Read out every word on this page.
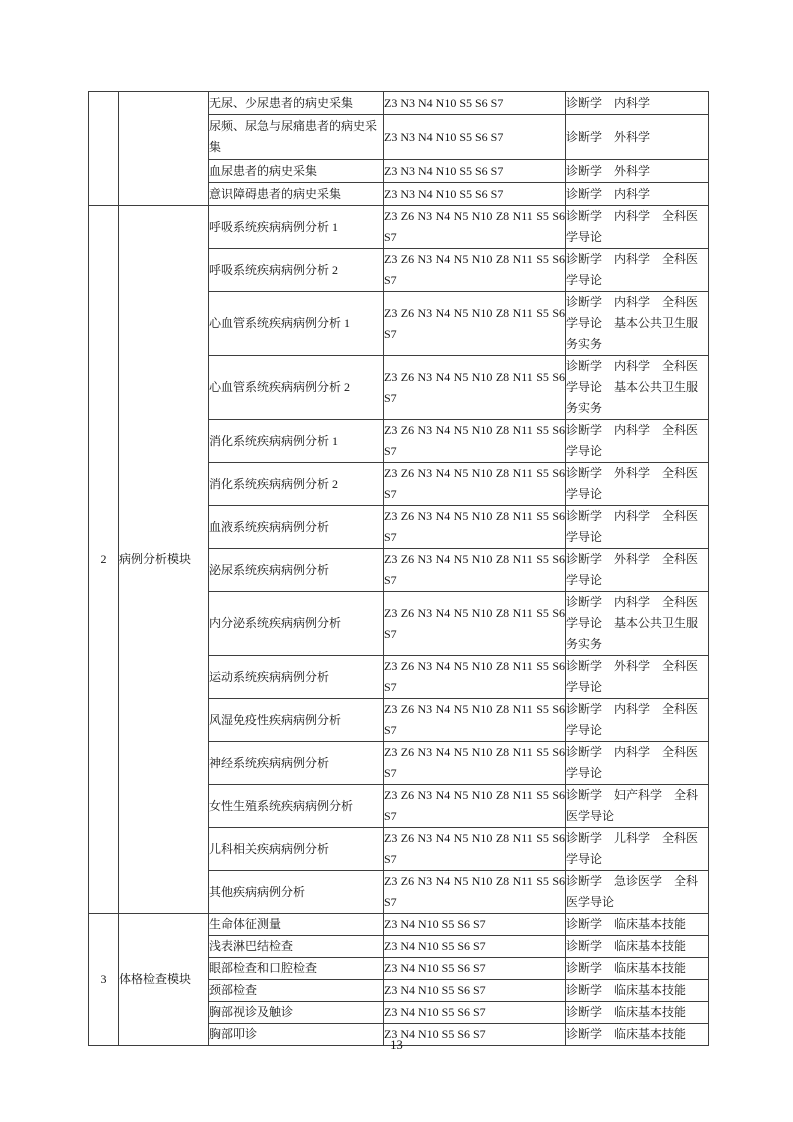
		无尿、少尿患者的病史采集	Z3 N3 N4 N10 S5 S6 S7	诊断学　内科学
		尿频、尿急与尿痛患者的病史采集	Z3 N3 N4 N10 S5 S6 S7	诊断学　外科学
		血尿患者的病史采集	Z3 N3 N4 N10 S5 S6 S7	诊断学　外科学
		意识障碍患者的病史采集	Z3 N3 N4 N10 S5 S6 S7	诊断学　内科学
2	病例分析模块	呼吸系统疾病病例分析 1	Z3 Z6 N3 N4 N5 N10 Z8 N11 S5 S6 S7	诊断学　内科学　全科医学导论
		呼吸系统疾病病例分析 2	Z3 Z6 N3 N4 N5 N10 Z8 N11 S5 S6 S7	诊断学　内科学　全科医学导论
		心血管系统疾病病例分析 1	Z3 Z6 N3 N4 N5 N10 Z8 N11 S5 S6 S7	诊断学　内科学　全科医学导论　基本公共卫生服务实务
		心血管系统疾病病例分析 2	Z3 Z6 N3 N4 N5 N10 Z8 N11 S5 S6 S7	诊断学　内科学　全科医学导论　基本公共卫生服务实务
		消化系统疾病病例分析 1	Z3 Z6 N3 N4 N5 N10 Z8 N11 S5 S6 S7	诊断学　内科学　全科医学导论
		消化系统疾病病例分析 2	Z3 Z6 N3 N4 N5 N10 Z8 N11 S5 S6 S7	诊断学　外科学　全科医学导论
		血液系统疾病病例分析	Z3 Z6 N3 N4 N5 N10 Z8 N11 S5 S6 S7	诊断学　内科学　全科医学导论
		泌尿系统疾病病例分析	Z3 Z6 N3 N4 N5 N10 Z8 N11 S5 S6 S7	诊断学　外科学　全科医学导论
		内分泌系统疾病病例分析	Z3 Z6 N3 N4 N5 N10 Z8 N11 S5 S6 S7	诊断学　内科学　全科医学导论　基本公共卫生服务实务
		运动系统疾病病例分析	Z3 Z6 N3 N4 N5 N10 Z8 N11 S5 S6 S7	诊断学　外科学　全科医学导论
		风湿免疫性疾病病例分析	Z3 Z6 N3 N4 N5 N10 Z8 N11 S5 S6 S7	诊断学　内科学　全科医学导论
		神经系统疾病病例分析	Z3 Z6 N3 N4 N5 N10 Z8 N11 S5 S6 S7	诊断学　内科学　全科医学导论
		女性生殖系统疾病病例分析	Z3 Z6 N3 N4 N5 N10 Z8 N11 S5 S6 S7	诊断学　妇产科学　全科医学导论
		儿科相关疾病病例分析	Z3 Z6 N3 N4 N5 N10 Z8 N11 S5 S6 S7	诊断学　儿科学　全科医学导论
		其他疾病病例分析	Z3 Z6 N3 N4 N5 N10 Z8 N11 S5 S6 S7	诊断学　急诊医学　全科医学导论
3	体格检查模块	生命体征测量	Z3 N4 N10 S5 S6 S7	诊断学　临床基本技能
		浅表淋巴结检查	Z3 N4 N10 S5 S6 S7	诊断学　临床基本技能
		眼部检查和口腔检查	Z3 N4 N10 S5 S6 S7	诊断学　临床基本技能
		颈部检查	Z3 N4 N10 S5 S6 S7	诊断学　临床基本技能
		胸部视诊及触诊	Z3 N4 N10 S5 S6 S7	诊断学　临床基本技能
		胸部叩诊	Z3 N4 N10 S5 S6 S7	诊断学　临床基本技能
13
